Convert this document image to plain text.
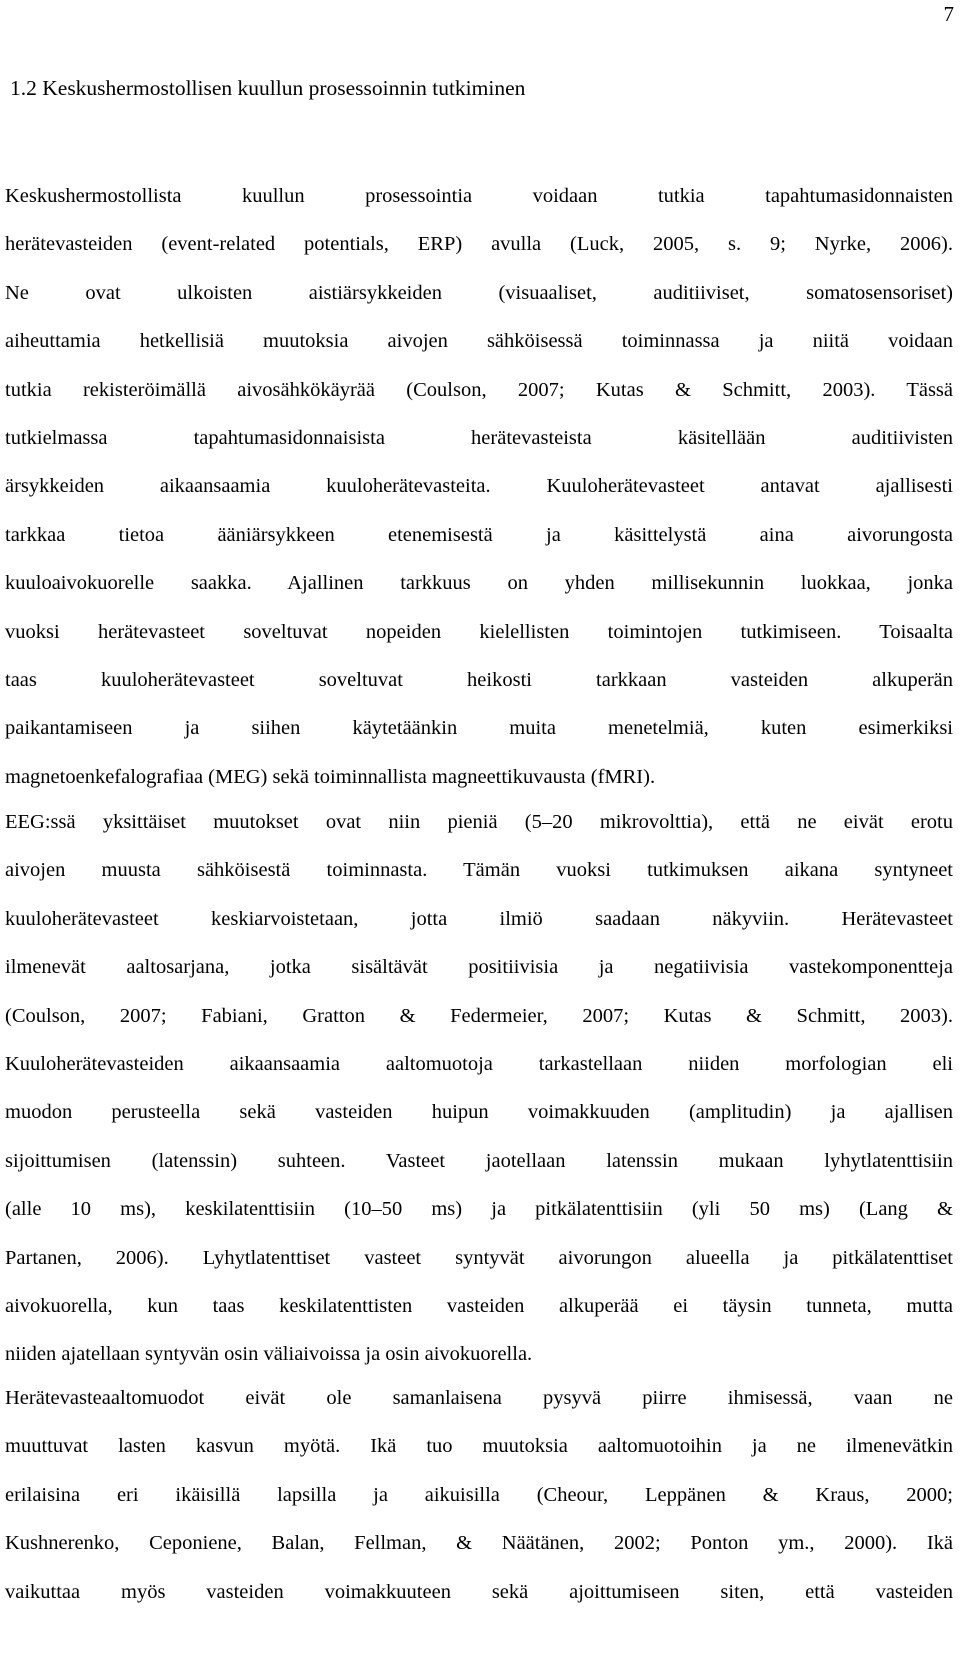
7
1.2 Keskushermostollisen kuullun prosessoinnin tutkiminen
Keskushermostollista kuullun prosessointia voidaan tutkia tapahtumasidonnaisten
herätevasteiden (event-related potentials, ERP) avulla (Luck, 2005, s. 9; Nyrke, 2006).
Ne ovat ulkoisten aistiärsykkeiden (visuaaliset, auditiiviset, somatosensoriset)
aiheuttamia hetkellisiä muutoksia aivojen sähköisessä toiminnassa ja niitä voidaan
tutkia rekisteröimällä aivosähkökäyrää (Coulson, 2007; Kutas & Schmitt, 2003). Tässä
tutkielmassa tapahtumasidonnaisista herätevasteista käsitellään auditiivisten
ärsykkeiden aikaansaamia kuuloherätevasteita. Kuuloherätevasteet antavat ajallisesti
tarkkaa tietoa ääniärsykkeen etenemisestä ja käsittelystä aina aivorungosta
kuuloaivokuorelle saakka. Ajallinen tarkkuus on yhden millisekunnin luokkaa, jonka
vuoksi herätevasteet soveltuvat nopeiden kielellisten toimintojen tutkimiseen. Toisaalta
taas kuuloherätevasteet soveltuvat heikosti tarkkaan vasteiden alkuperän
paikantamiseen ja siihen käytetäänkin muita menetelmiä, kuten esimerkiksi
magnetoenkefalografiaa (MEG) sekä toiminnallista magneettikuvausta (fMRI).
EEG:ssä yksittäiset muutokset ovat niin pieniä (5–20 mikrovolttia), että ne eivät erotu
aivojen muusta sähköisestä toiminnasta. Tämän vuoksi tutkimuksen aikana syntyneet
kuuloherätevasteet keskiarvoistetaan, jotta ilmiö saadaan näkyviin. Herätevasteet
ilmenevät aaltosarjana, jotka sisältävät positiivisia ja negatiivisia vastekomponentteja
(Coulson, 2007; Fabiani, Gratton & Federmeier, 2007; Kutas & Schmitt, 2003).
Kuuloherätevasteiden aikaansaamia aaltomuotoja tarkastellaan niiden morfologian eli
muodon perusteella sekä vasteiden huipun voimakkuuden (amplitudin) ja ajallisen
sijoittumisen (latenssin) suhteen. Vasteet jaotellaan latenssin mukaan lyhytlatenttisiin
(alle 10 ms), keskilatenttisiin (10–50 ms) ja pitkälatenttisiin (yli 50 ms) (Lang &
Partanen, 2006). Lyhytlatenttiset vasteet syntyvät aivorungon alueella ja pitkälatenttiset
aivokuorella, kun taas keskilatenttisten vasteiden alkuperää ei täysin tunneta, mutta
niiden ajatellaan syntyvän osin väliaivoissa ja osin aivokuorella.
Herätevasteaaltomuodot eivät ole samanlaisena pysyvä piirre ihmisessä, vaan ne
muuttuvat lasten kasvun myötä. Ikä tuo muutoksia aaltomuotoihin ja ne ilmenevätkin
erilaisina eri ikäisillä lapsilla ja aikuisilla (Cheour, Leppänen & Kraus, 2000;
Kushnerenko, Ceponiene, Balan, Fellman, & Näätänen, 2002; Ponton ym., 2000). Ikä
vaikuttaa myös vasteiden voimakkuuteen sekä ajoittumiseen siten, että vasteiden
